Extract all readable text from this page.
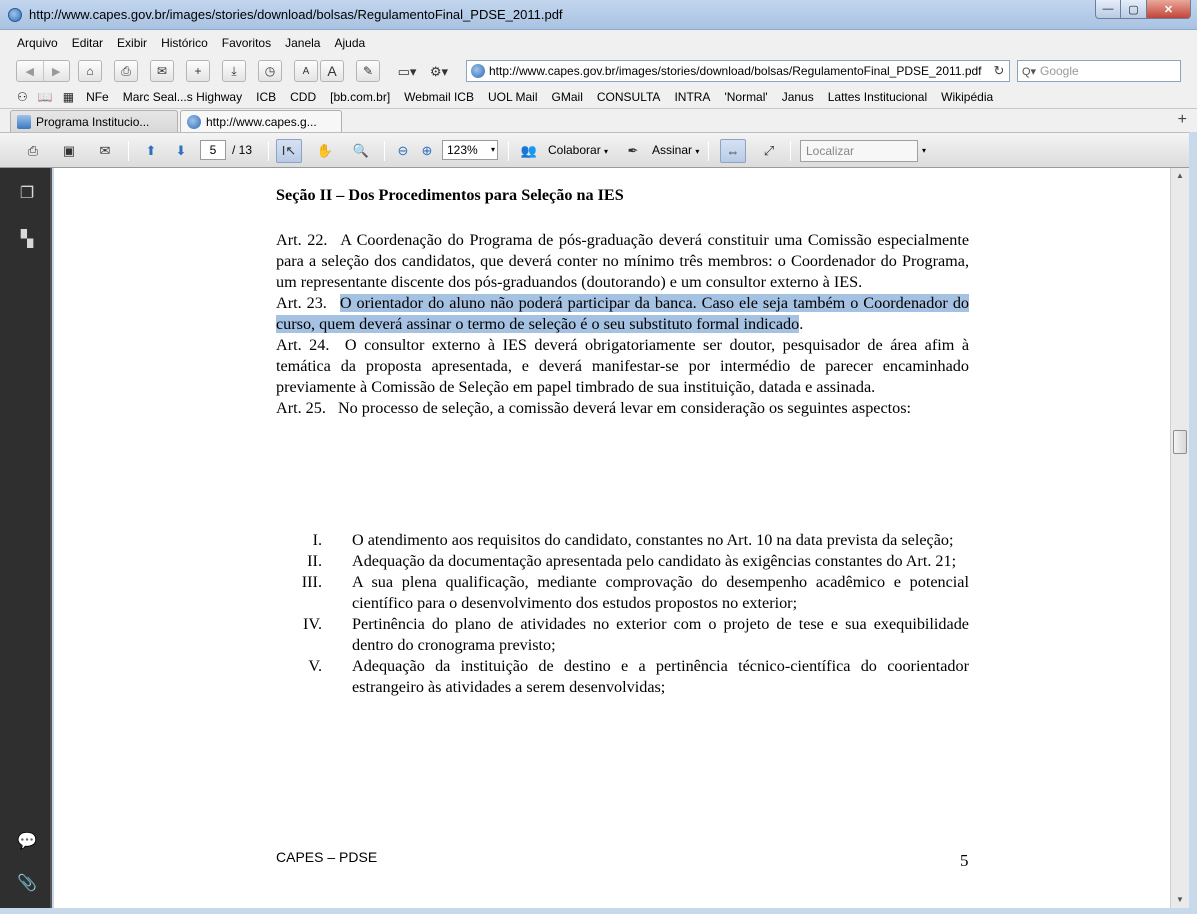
http://www.capes.gov.br/images/stories/download/bolsas/RegulamentoFinal_PDSE_2011.pdf	—	▢	✕
Arquivo	Editar	Exibir	Histórico	Favoritos	Janela	Ajuda
◀	▶	⌂ ⎙ ✉ + ⤓ ◷	A A ✎ ▭▾ ⚙▾	http://www.capes.gov.br/images/stories/download/bolsas/RegulamentoFinal_PDSE_2011.pdf ↻	Q▾ Google
⚇ 📖 ▦	NFe	Marc Seal...s Highway	ICB	CDD	[bb.com.br]	Webmail ICB	UOL Mail	GMail	CONSULTA	INTRA	'Normal'	Janus	Lattes Institucional	Wikipédia
Programa Institucio...	http://www.capes.g...	+
⎙ ▣ ✉	⬆ ⬇	5	/ 13 I↖ ✋ 🔍 ⊖ ⊕	123% ▾ 👥 Colaborar ▾ ✒ Assinar ▾ ⇔ ⤢	Localizar	▾
❐
▚
💬
📎
Seção II – Dos Procedimentos para Seleção na IES

Art. 22. A Coordenação do Programa de pós-graduação deverá constituir uma Comissão especialmente para a seleção dos candidatos, que deverá conter no mínimo três membros: o Coordenador do Programa, um representante discente dos pós-graduandos (doutorando) e um consultor externo à IES.

Art. 23. O orientador do aluno não poderá participar da banca. Caso ele seja também o Coordenador do curso, quem deverá assinar o termo de seleção é o seu substituto formal indicado.

Art. 24. O consultor externo à IES deverá obrigatoriamente ser doutor, pesquisador de área afim à temática da proposta apresentada, e deverá manifestar-se por intermédio de parecer encaminhado previamente à Comissão de Seleção em papel timbrado de sua instituição, datada e assinada.

Art. 25. No processo de seleção, a comissão deverá levar em consideração os seguintes aspectos:

I. O atendimento aos requisitos do candidato, constantes no Art. 10 na data prevista da seleção;
II. Adequação da documentação apresentada pelo candidato às exigências constantes do Art. 21;
III. A sua plena qualificação, mediante comprovação do desempenho acadêmico e potencial científico para o desenvolvimento dos estudos propostos no exterior;
IV. Pertinência do plano de atividades no exterior com o projeto de tese e sua exequibilidade dentro do cronograma previsto;
V. Adequação da instituição de destino e a pertinência técnico-científica do coorientador estrangeiro às atividades a serem desenvolvidas;
CAPES – PDSE	5
▲
▼
